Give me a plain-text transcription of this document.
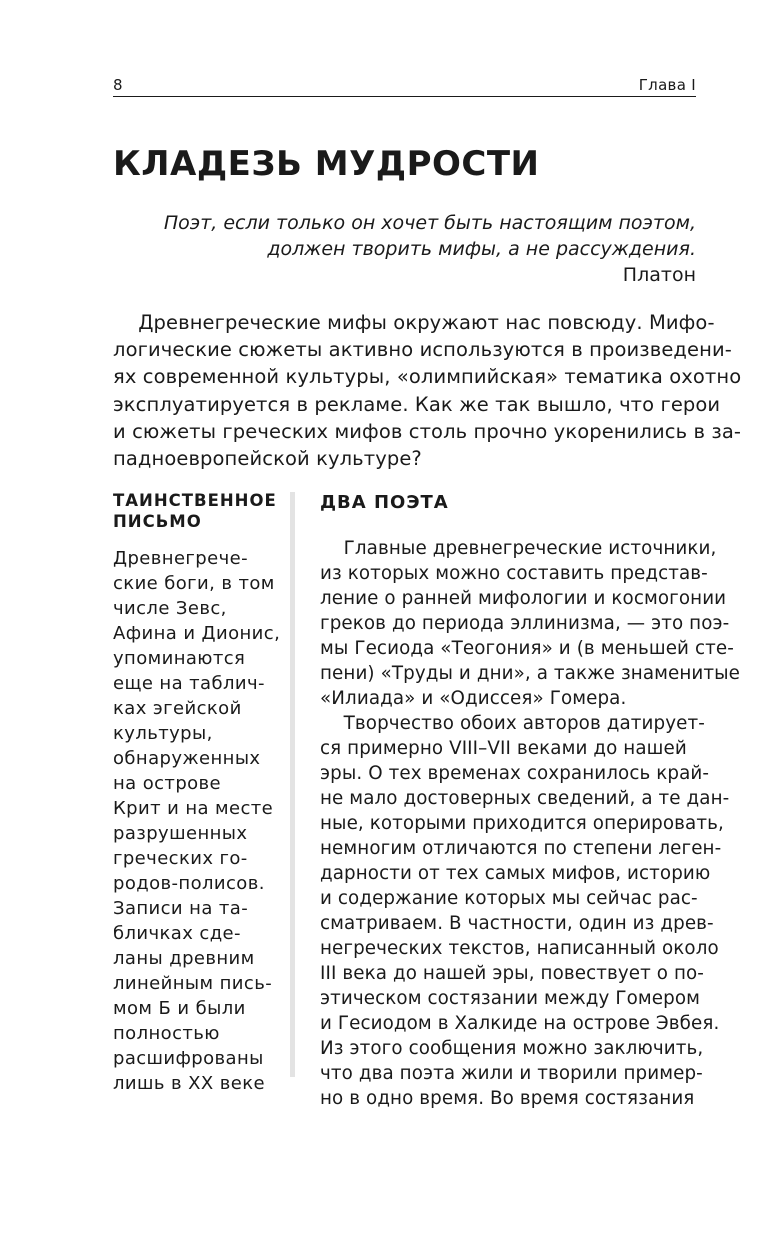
8	Глава I
КЛАДЕЗЬ МУДРОСТИ
Поэт, если только он хочет быть настоящим поэтом,
должен творить мифы, а не рассуждения.
Платон
Древнегреческие мифы окружают нас повсюду. Мифо-
логические сюжеты активно используются в произведени-
ях современной культуры, «олимпийская» тематика охотно
эксплуатируется в рекламе. Как же так вышло, что герои
и сюжеты греческих мифов столь прочно укоренились в за-
падноевропейской культуре?
ТАИНСТВЕННОЕ
ПИСЬМО
Древнегрече-
ские боги, в том
числе Зевс,
Афина и Дионис,
упоминаются
еще на таблич-
ках эгейской
культуры,
обнаруженных
на острове
Крит и на месте
разрушенных
греческих го-
родов-полисов.
Записи на та-
бличках сде-
ланы древним
линейным пись-
мом Б и были
полностью
расшифрованы
лишь в XX веке
ДВА ПОЭТА
Главные древнегреческие источники,
из которых можно составить представ-
ление о ранней мифологии и космогонии
греков до периода эллинизма, — это поэ-
мы Гесиода «Теогония» и (в меньшей сте-
пени) «Труды и дни», а также знаменитые
«Илиада» и «Одиссея» Гомера.
Творчество обоих авторов датирует-
ся примерно VIII–VII веками до нашей
эры. О тех временах сохранилось край-
не мало достоверных сведений, а те дан-
ные, которыми приходится оперировать,
немногим отличаются по степени леген-
дарности от тех самых мифов, историю
и содержание которых мы сейчас рас-
сматриваем. В частности, один из древ-
негреческих текстов, написанный около
III века до нашей эры, повествует о по-
этическом состязании между Гомером
и Гесиодом в Халкиде на острове Эвбея.
Из этого сообщения можно заключить,
что два поэта жили и творили пример-
но в одно время. Во время состязания
